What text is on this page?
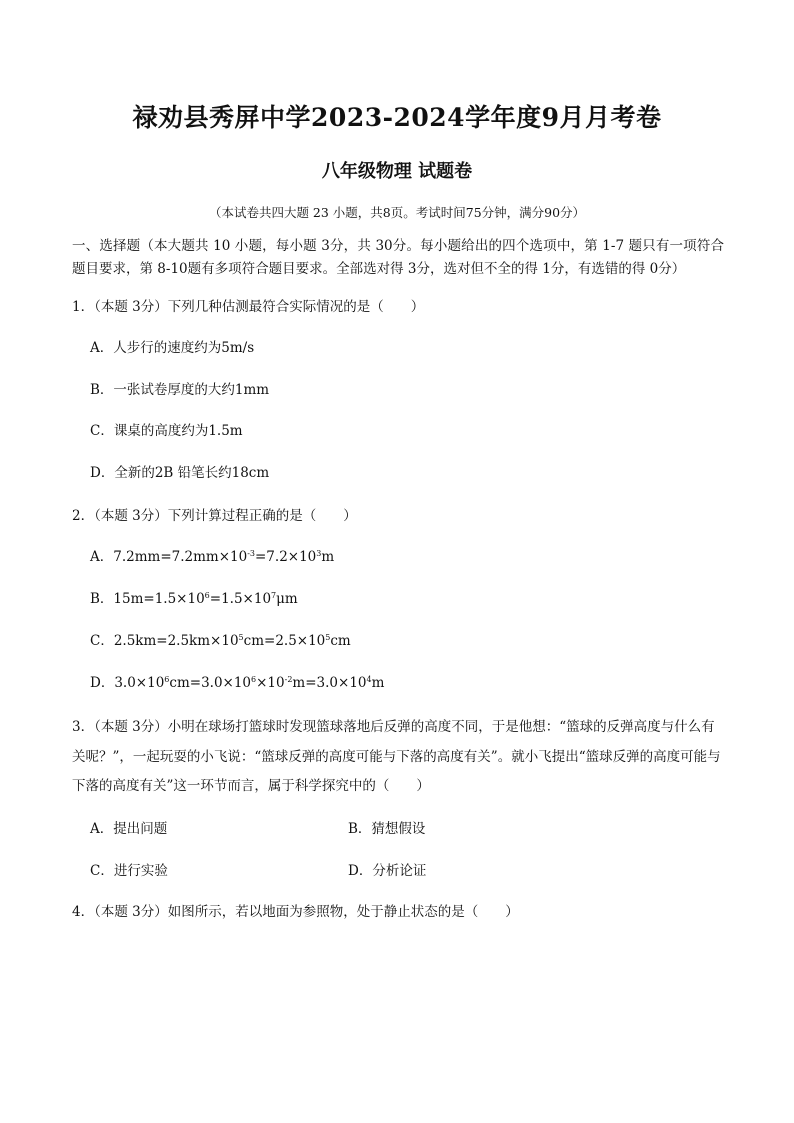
禄劝县秀屏中学2023-2024学年度9月月考卷
八年级物理 试题卷
（本试卷共四大题 23 小题，共8页。考试时间75分钟，满分90分）
一、选择题（本大题共 10 小题，每小题 3分，共 30分。每小题给出的四个选项中，第 1-7 题只有一项符合题目要求，第 8-10题有多项符合题目要求。全部选对得 3分，选对但不全的得 1分，有选错的得 0分）
1．（本题 3分）下列几种估测最符合实际情况的是（　　）
A．人步行的速度约为5m/s
B．一张试卷厚度的大约1mm
C．课桌的高度约为1.5m
D．全新的2B 铅笔长约18cm
2．（本题 3分）下列计算过程正确的是（　　）
A．$7.2mm=7.2mm\times 10^{-3}=7.2\times 10^3m$
B．$15m=1.5\times 10^6=1.5\times 10^7\mu m$
C．$2.5km=2.5km\times 10^5cm=2.5\times 10^5cm$
D．$3.0\times 10^6cm=3.0\times 10^6\times 10^{-2}m=3.0\times 10^4m$
3．（本题 3分）小明在球场打篮球时发现篮球落地后反弹的高度不同，于是他想：“篮球的反弹高度与什么有关呢？”，一起玩耍的小飞说：“篮球反弹的高度可能与下落的高度有关”。就小飞提出“篮球反弹的高度可能与下落的高度有关”这一环节而言，属于科学探究中的（　　）
A．提出问题	B．猜想假设
C．进行实验	D．分析论证
4．（本题 3分）如图所示，若以地面为参照物，处于静止状态的是（　　）
